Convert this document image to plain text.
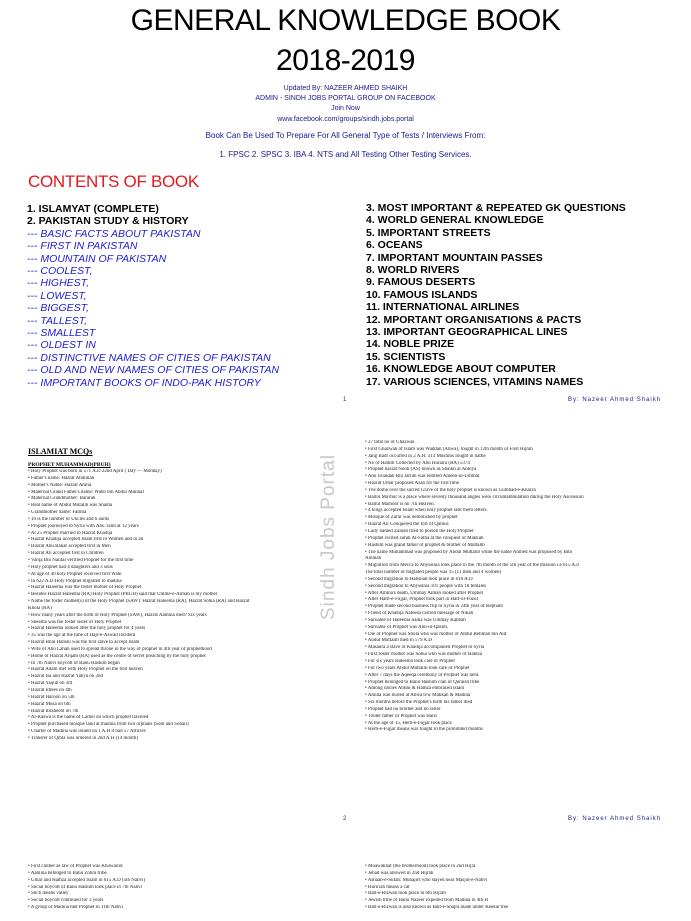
GENERAL KNOWLEDGE BOOK
2018-2019
Updated By: NAZEER AHMED SHAIKH
ADMIN - SINDH JOBS PORTAL GROUP ON FACEBOOK
Join Now
www.facebook.com/groups/sindh.jobs.portal
Book Can Be Used To Prepare For All General Type of Tests / Interviews From:
1. FPSC 2. SPSC 3. IBA 4. NTS and All Testing Other Testing Services.
CONTENTS OF BOOK
1. ISLAMYAT (COMPLETE)
2. PAKISTAN STUDY & HISTORY
--- BASIC FACTS ABOUT PAKISTAN
--- FIRST IN PAKISTAN
--- MOUNTAIN OF PAKISTAN
--- COOLEST,
--- HIGHEST,
--- LOWEST,
--- BIGGEST,
--- TALLEST,
--- SMALLEST
--- OLDEST IN
--- DISTINCTIVE NAMES OF CITIES OF PAKISTAN
--- OLD AND NEW NAMES OF CITIES OF PAKISTAN
--- IMPORTANT BOOKS OF INDO-PAK HISTORY
3. MOST IMPORTANT & REPEATED GK QUESTIONS
4. WORLD GENERAL KNOWLEDGE
5. IMPORTANT STREETS
6. OCEANS
7. IMPORTANT MOUNTAIN PASSES
8. WORLD RIVERS
9. FAMOUS DESERTS
10. FAMOUS ISLANDS
11. INTERNATIONAL AIRLINES
12. MPORTANT ORGANISATIONS & PACTS
13. IMPORTANT GEOGRAPHICAL LINES
14. NOBLE PRIZE
15. SCIENTISTS
16. KNOWLEDGE ABOUT COMPUTER
17. VARIOUS SCIENCES, VITAMINS NAMES
1	By: Nazeer Ahmed Shaikh
ISLAMIAT MCQs
PROPHET MUHAMMAD(PBUH)
• Holy Prophet was born in 571 A.D 22nd April ( Day — Monday)
• Father's name: Hazrat Abdullah
• Mother's Name: Hazrat Amna
• Maternal Grand Father's name: Wahb bin Abdul Munnaf
• Maternal Grandmother: Bararah
• Real name of Abdul Mutalib was Shaiba
• Grandmother name: Fatima
• 10 is the number of Uncles and 6 aunts
• Prophet journeyed to Syria with Abu Talib at 12 years
• At 25 Prophet married to Hazrat Khadija
• Hazrat Khadija accepted Islam first in Women and in all
• Hazrat Abu Bakar accepted first in Men
• Hazrat Ali accepted first in Children
• Varqa Bin Naufal verified Prophet for the first time
• Holy prophet had 4 daughters and 3 sons
• At age of 40 holy Prophet received first Wahi
• In 622 A.D Holy Prophet migrated to madina
• Hazrat Haleema was the foster mother of Holy Prophet
• Besides Hazrat Haleema (RA) Holy Prophet (PBUH) said that Umme-e-Aiman is my mother
• Name the foster mother(s) of the Holy Prophet (SAW): Hazrat Haleema (RA), Hazrat Sobia (RA) and Hazrat
Khola (RA)
• How many years after the birth of Holy Prophet (SAW), Hazrat Aamina died? Six years
• Sheema was the foster sister of Holy Prophet
• Hazrat Haleema looked after the holy prophet for 4 years
• 35 was the age at the time of Hajr-e-Aswad incident
• Hazrat Bilal Habshi was the first slave to accept Islam
• Wife of Abu Lahab used to spread throne in the way of prophet in 4th year of prophethood
• Home of Hazrat Arqam (RA) used as the centre of secret preaching by the holy prophet
• In 7th Nabvi boycott of Banu Hashim began
• Hazrat Adam met with Holy Prophet on the first heaven
• Hazrat Isa and Hazrat Yahya on 2nd
• Hazrat Yaqub on 3rd
• Hazrat Idrees on 4th
• Hazrat Haroon on 5th
• Hazrat Musa on 6th
• Hazrat Ibraheem on 7th
• Al-Kaswa is the name of Camel on which prophet traveled
• Prophet purchased mosque land at madina from two orphans (Sohl and Sohail)
• Charter of Madina was issued on 1 A.H it had 57 Articles
• Transfer of Qibla was ordered in 2nd A.H (14 month)
• 27 total no of Ghazwas
• First Ghazwah of Islam was Waddan (Abwa), fought in 12th month of First Hijrah
• Jang Badr occurred in 2 A.H. 313 Muslims fought in battle
• No of Hadith Collected by Abu Huraira (RA) 5374
• Prophet hazrat Nooh (AS) known as Shaikh al Anbiya
• Abu Ubaidah Bin Jarrah was entitled Ameen-ul-Ummat
• Hazrat Umar proposed Azan for the first time
• The dome over the sacred Grave of the holy prophet is known as Gumbad-e-Khazra
• Baitul Ma'mur is a place where seventy thousand angles were circumambulation during the Holy Ascension
• Baitul Mamoor is on 7th Heaven.
• 4 kings accepted Islam when holy prophet sent them letters.
• Mosque of Zarar was demolished by prophet
• Hazrat Ali Conquered the fort of Qamus
• Lady named Zainab tried to poison the Holy Prophet
• Prophet recited surah Al-Fatha at the conquest of Makkah
• Hashim was grand father of prophet & brother of Muttalib
• The name Muhammad was proposed by Abdul Muttalib while the name Ahmed was proposed by Bibi
Aminah
• Migration from Mecca to Abyssinia took place in the 7th month of the 5th year of the mission i.e 615 A.d
The total number of migrated people was 15 (11 men and 4 women)
• Second migration to Habshah took place in 616 A.D
• Second migration to Abyssinia 101 people with 18 females
• After Amina's death, Ummay Aiman looked after Prophet
• After Harb-e-Fujjar, Prophet took part in Half-ul-Fuzul
• Prophet made second business trip to Syria in 24th year of elephant
• Friend of Khadija Nafeesa carried message of Nikah
• Surname of Haleema Sadia was Ummay Kabhah
• Surname of Prophet was Abu-ul-Qasim.
• Die of Prophet was Shola who was mother of Abdul Rehman bin Auf
• Abdul Muttalib died in 579 A.D
• Masaura a slave of Khadija accompanied Prophet to Syria
• First foster mother was Sobia who was mother of Hamza
• For six years Haleema took care of Prophet
• For two years Abdul Muttalib took care of Prophet
• After 7 days the Aqeeqa ceremony of Prophet was held.
• Prophet belonged to Banu Hashim clan of Quraish tribe
• Among uncles Abbas & Hamza embraced Islam
• Amina was buried at Abwa b/w Makkah & Madina
• Six months before the Prophet's birth his father died
• Prophet had no brother and no sister
• Touter father of Prophet was Haris
• At the age of 15, Herb-e-Fujjar took place
• Herb-e-Fujjar means war fought in the prohibited months
2	By: Nazeer Ahmed Shaikh
Sindh Jobs Portal
• First caliber as law of Prophet was Khuwailid
• Aamina belonged to Banu Zohra tribe
• Umar and Hamza accepted Islam in 615 A.D (5th Nabvi)
• Social boycott of Banu Hashim took place in 7th Nabvi
• Shi'b means valley
• Social boycott continued for 3 years
• A group of Madina met Prophet in 11th Nabvi
• Moawakhat (the brotherhood) took place in 2nd Hijra
• Jehad was allowed in 2nd Hijrah
• Ashaab-e-Sufah: Muhajirs who stayed near Masjid-e-Nabvi
• Huririah means a cat
• Batl-e-Rizwan took place in 6th Hijrah
• Jewish tribe of Banu Nazeer expelled from Madina in 4th H
• Batl-e-Rizwan is also known as Bait-e-Shajra made under Keekar tree
